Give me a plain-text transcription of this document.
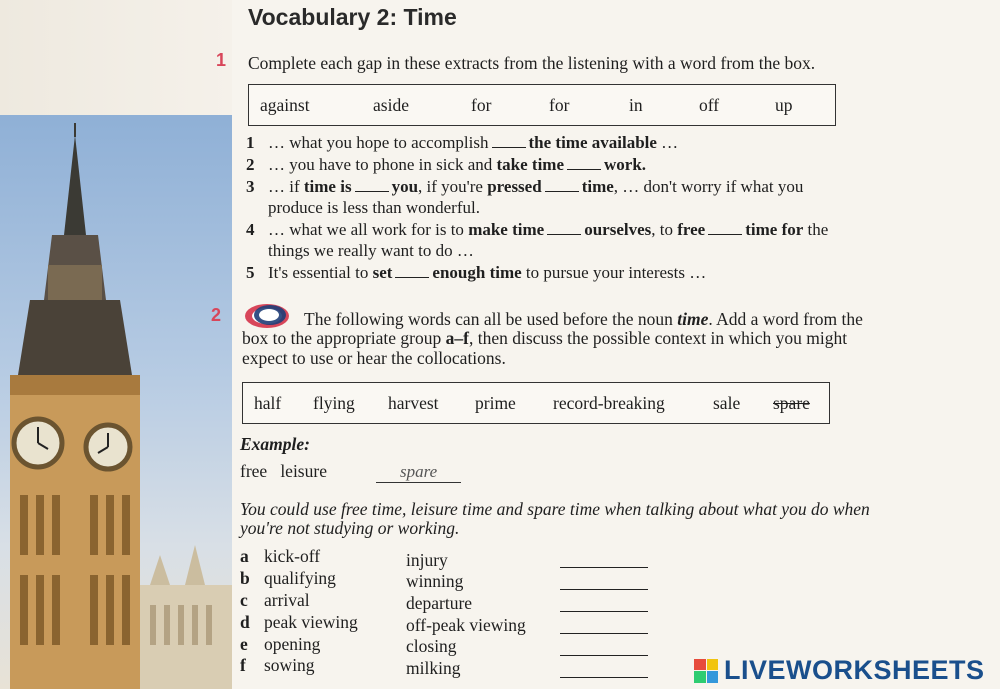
Vocabulary 2: Time
1 Complete each gap in these extracts from the listening with a word from the box.
against	aside	for	for	in	off	up
1 … what you hope to accomplish the time available …
2 … you have to phone in sick and take time work.
3 … if time is you, if you're pressed time, … don't worry if what you
produce is less than wonderful.
4 … what we all work for is to make time ourselves, to free time for the
things we really want to do …
5 It's essential to set enough time to pursue your interests …
2	The following words can all be used before the noun time. Add a word from the
box to the appropriate group a–f, then discuss the possible context in which you might
expect to use or hear the collocations.
half flying harvest prime record-breaking	sale spare
Example:
free   leisure	spare
You could use free time, leisure time and spare time when talking about what you do when
you're not studying or working.
a kick-off	injury
b qualifying	winning
c arrival	departure
d peak viewing	off-peak viewing
e opening	closing
f sowing	milking	LIVEWORKSHEETS
